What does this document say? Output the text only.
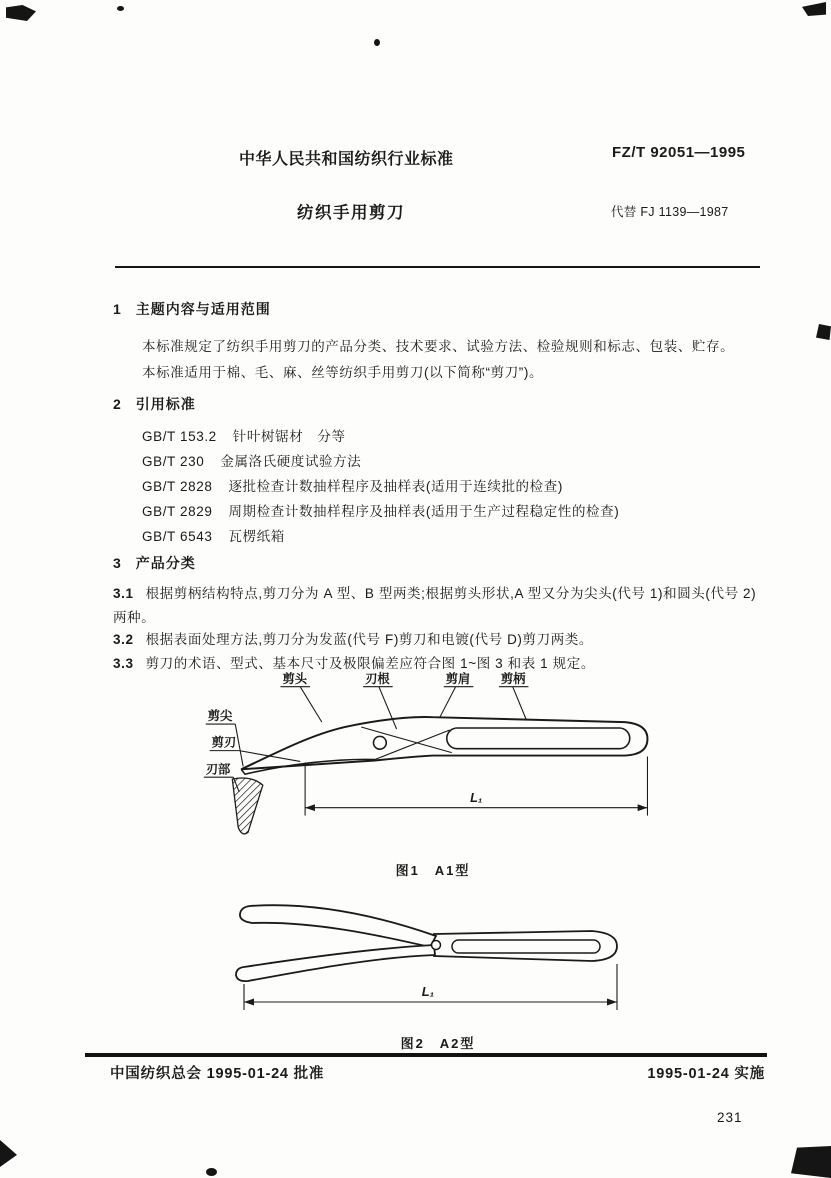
中华人民共和国纺织行业标准	FZ/T 92051—1995
纺织手用剪刀	代替 FJ 1139—1987
1 主题内容与适用范围
本标准规定了纺织手用剪刀的产品分类、技术要求、试验方法、检验规则和标志、包装、贮存。
本标准适用于棉、毛、麻、丝等纺织手用剪刀(以下简称“剪刀”)。
2 引用标准
GB/T 153.2 针叶树锯材　分等
GB/T 230 金属洛氏硬度试验方法
GB/T 2828 逐批检查计数抽样程序及抽样表(适用于连续批的检查)
GB/T 2829 周期检查计数抽样程序及抽样表(适用于生产过程稳定性的检查)
GB/T 6543 瓦楞纸箱
3 产品分类
3.1 根据剪柄结构特点,剪刀分为 A 型、B 型两类;根据剪头形状,A 型又分为尖头(代号 1)和圆头(代号 2)两种。
3.2 根据表面处理方法,剪刀分为发蓝(代号 F)剪刀和电镀(代号 D)剪刀两类。
3.3 剪刀的术语、型式、基本尺寸及极限偏差应符合图 1~图 3 和表 1 规定。
剪头	刃根	剪肩 剪柄
剪尖
剪刃
刃部
L₁
图1　A1型
L₁
图2　A2型
中国纺织总会 1995-01-24 批准	1995-01-24 实施
231
